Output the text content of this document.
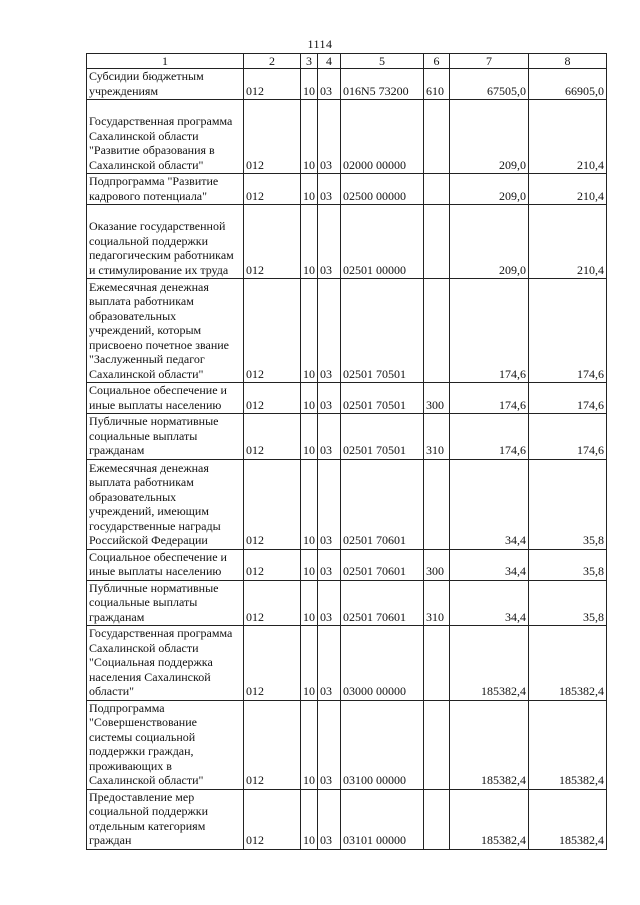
1114
1	2	3	4	5	6	7	8
Субсидии бюджетным учреждениям	012	10	03	016N5 73200	610	67505,0	66905,0
Государственная программа Сахалинской области "Развитие образования в Сахалинской области"	012	10	03	02000 00000		209,0	210,4
Подпрограмма "Развитие кадрового потенциала"	012	10	03	02500 00000		209,0	210,4
Оказание государственной социальной поддержки педагогическим работникам и стимулирование их труда	012	10	03	02501 00000		209,0	210,4
Ежемесячная денежная выплата работникам образовательных учреждений, которым присвоено почетное звание "Заслуженный педагог Сахалинской области"	012	10	03	02501 70501		174,6	174,6
Социальное обеспечение и иные выплаты населению	012	10	03	02501 70501	300	174,6	174,6
Публичные нормативные социальные выплаты гражданам	012	10	03	02501 70501	310	174,6	174,6
Ежемесячная денежная выплата работникам образовательных учреждений, имеющим государственные награды Российской Федерации	012	10	03	02501 70601		34,4	35,8
Социальное обеспечение и иные выплаты населению	012	10	03	02501 70601	300	34,4	35,8
Публичные нормативные социальные выплаты гражданам	012	10	03	02501 70601	310	34,4	35,8
Государственная программа Сахалинской области "Социальная поддержка населения Сахалинской области"	012	10	03	03000 00000		185382,4	185382,4
Подпрограмма "Совершенствование системы социальной поддержки граждан, проживающих в Сахалинской области"	012	10	03	03100 00000		185382,4	185382,4
Предоставление мер социальной поддержки отдельным категориям граждан	012	10	03	03101 00000		185382,4	185382,4
